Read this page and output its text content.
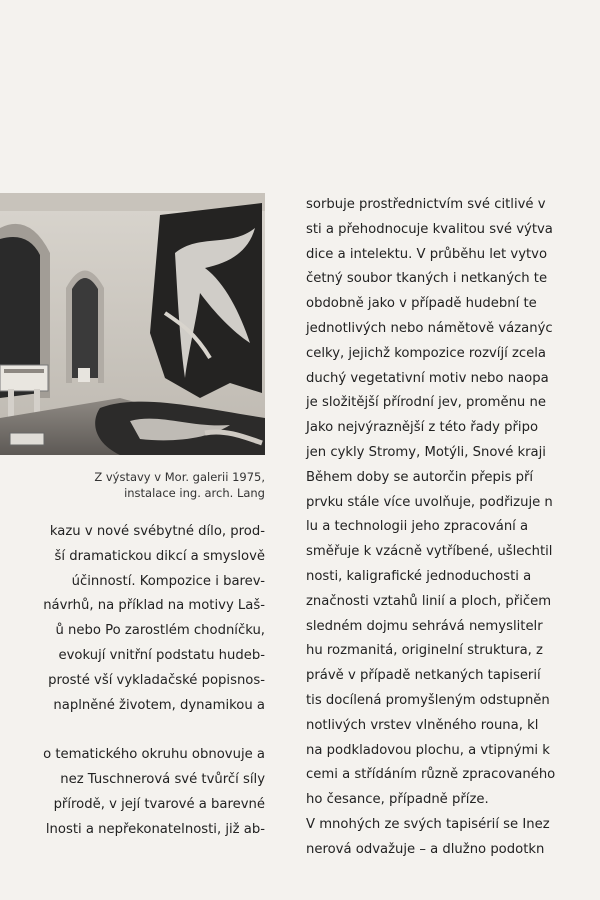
Z výstavy v Mor. galerii 1975,
instalace ing. arch. Lang
kazu v nové svébytné dílo, prod-
ší dramatickou dikcí a smyslově
účinností. Kompozice i barev-
návrhů, na příklad na motivy Laš-
ů nebo Po zarostlém chodníčku,
evokují vnitřní podstatu hudeb-
prosté vší vykladačské popisnos-
naplněné životem, dynamikou a
o tematického okruhu obnovuje a
nez Tuschnerová své tvůrčí síly
přírodě, v její tvarové a barevné
lnosti a nepřekonatelnosti, již ab-
sorbuje prostřednictvím své citlivé v
sti a přehodnocuje kvalitou své výtva
dice a intelektu. V průběhu let vytvo
četný soubor tkaných i netkaných te
obdobně jako v případě hudební te
jednotlivých nebo námětově vázanýc
celky, jejichž kompozice rozvíjí zcela
duchý vegetativní motiv nebo naopa
je složitější přírodní jev, proměnu ne
Jako nejvýraznější z této řady připo
jen cykly Stromy, Motýli, Snové kraji
Během doby se autorčin přepis pří
prvku stále více uvolňuje, podřizuje n
lu a technologii jeho zpracování a
směřuje k vzácně vytříbené, ušlechtil
nosti, kaligrafické jednoduchosti a
značnosti vztahů linií a ploch, přičem
sledném dojmu sehrává nemyslitelr
hu rozmanitá, originelní struktura, z
právě v případě netkaných tapiserií
tis docílená promyšleným odstupněn
notlivých vrstev vlněného rouna, kl
na podkladovou plochu, a vtipnými k
cemi a střídáním různě zpracovaného
ho česance, případně příze.
V mnohých ze svých tapisérií se Inez
nerová odvažuje – a dlužno podotkn
